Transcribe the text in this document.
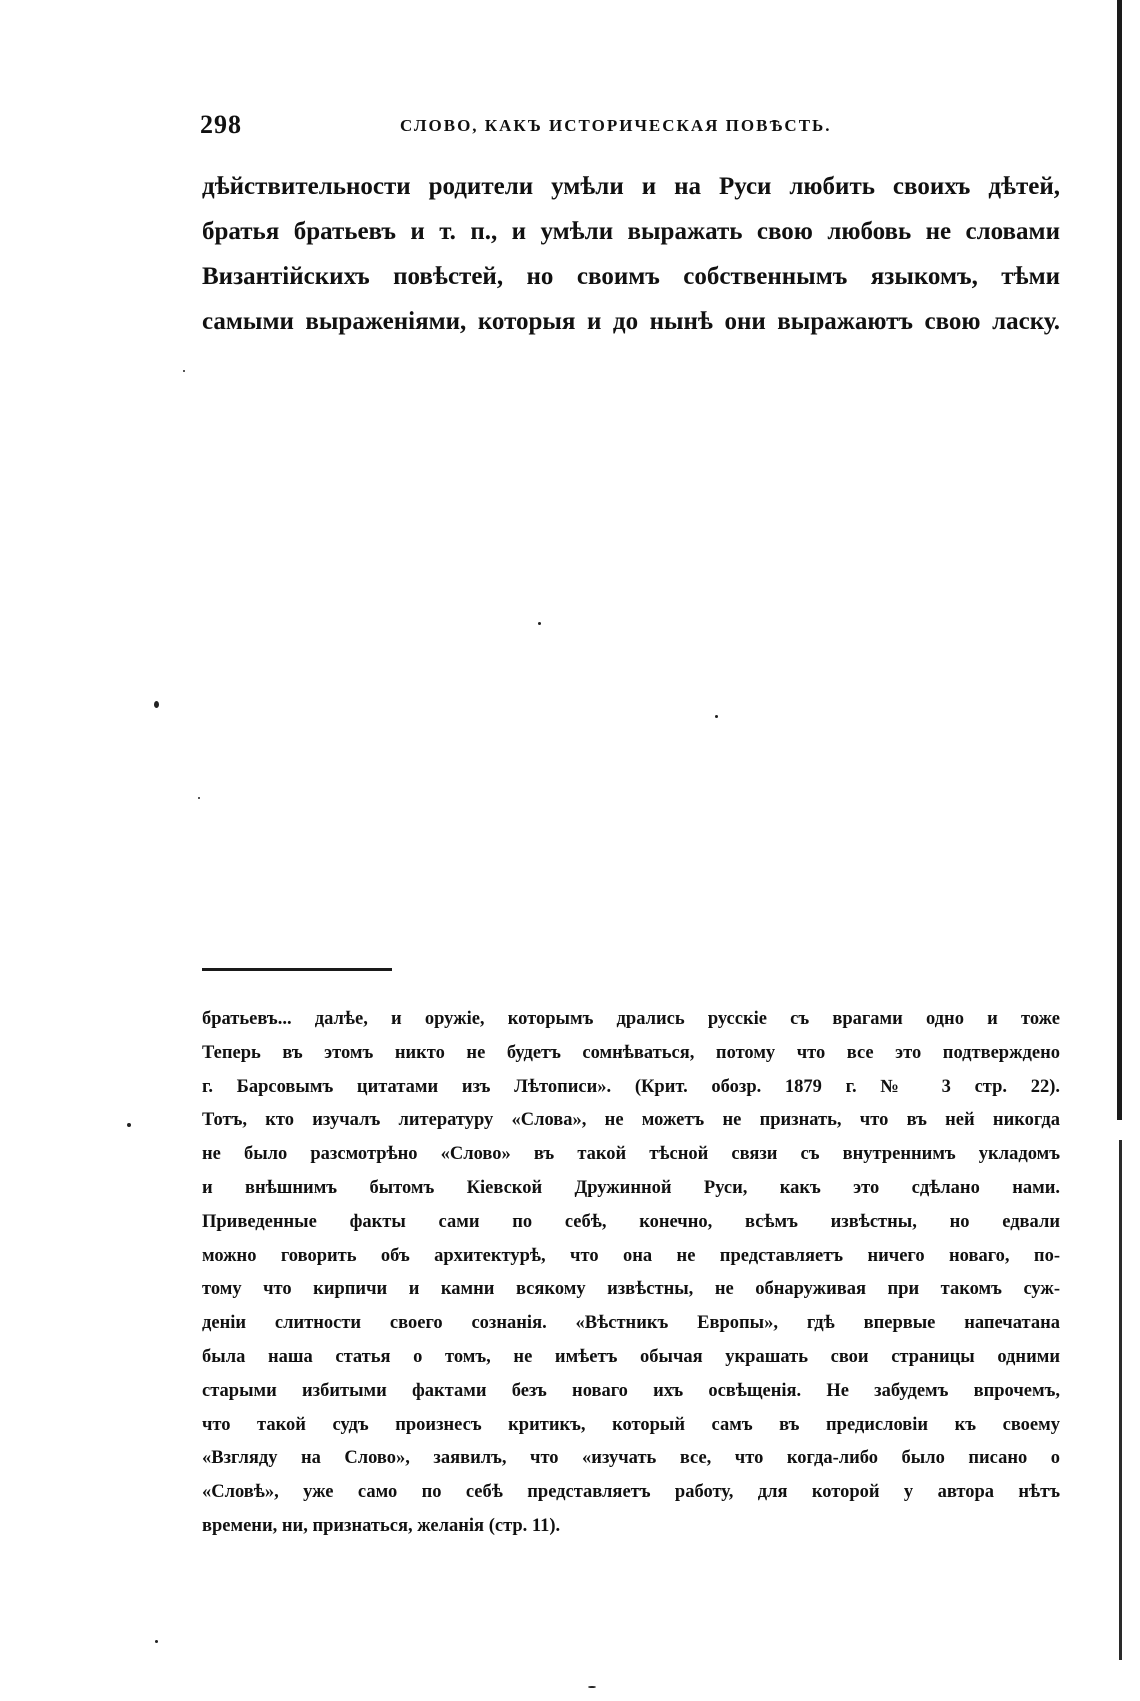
298	СЛОВО, КАКЪ ИСТОРИЧЕСКАЯ ПОВѢСТЬ.
дѣйствительности родители умѣли и на Руси любить своихъ дѣтей,
братья братьевъ и т. п., и умѣли выражать свою любовь не словами
Византійскихъ повѣстей, но своимъ собственнымъ языкомъ, тѣми
самыми выраженіями, которыя и до нынѣ они выражаютъ свою ласку.
братьевъ... далѣе, и оружіе, которымъ дрались русскіе съ врагами одно и тоже
Теперь въ этомъ никто не будетъ сомнѣваться, потому что все это подтверждено
г. Барсовымъ цитатами изъ Лѣтописи». (Крит. обозр. 1879 г. № 3 стр. 22).
Тотъ, кто изучалъ литературу «Слова», не можетъ не признать, что въ ней никогда
не было разсмотрѣно «Слово» въ такой тѣсной связи съ внутреннимъ укладомъ
и внѣшнимъ бытомъ Кіевской Дружинной Руси, какъ это сдѣлано нами.
Приведенные факты сами по себѣ, конечно, всѣмъ извѣстны, но едвали
можно говорить объ архитектурѣ, что она не представляетъ ничего новаго, по-
тому что кирпичи и камни всякому извѣстны, не обнаруживая при такомъ суж-
деніи слитности своего сознанія. «Вѣстникъ Европы», гдѣ впервые напечатана
была наша статья о томъ, не имѣетъ обычая украшать свои страницы одними
старыми избитыми фактами безъ новаго ихъ освѣщенія. Не забудемъ впрочемъ,
что такой судъ произнесъ критикъ, который самъ въ предисловіи къ своему
«Взгляду на Слово», заявилъ, что «изучать все, что когда-либо было писано о
«Словѣ», уже само по себѣ представляетъ работу, для которой у автора нѣтъ
времени, ни, признаться, желанія (стр. 11).
